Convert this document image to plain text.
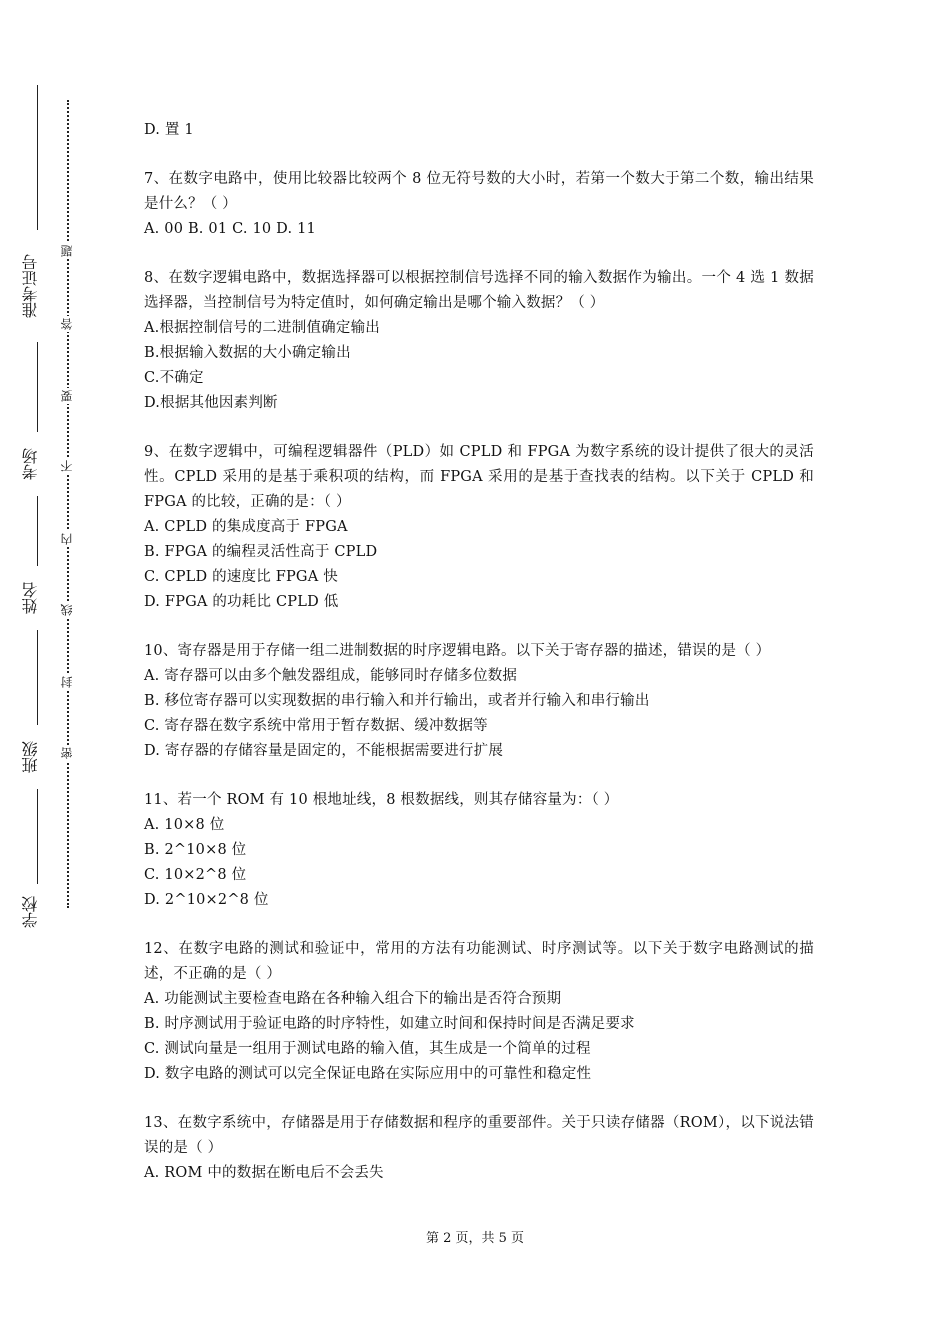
准考证号
考场
姓名
班级
学校
题
答
要
不
内
线
封
密

D. 置 1

7、在数字电路中，使用比较器比较两个 8 位无符号数的大小时，若第一个数大于第二个数，输出结果是什么？（ ）

A. 00 B. 01 C. 10 D. 11

8、在数字逻辑电路中，数据选择器可以根据控制信号选择不同的输入数据作为输出。一个 4 选 1 数据选择器，当控制信号为特定值时，如何确定输出是哪个输入数据？（ ）

A.根据控制信号的二进制值确定输出

B.根据输入数据的大小确定输出

C.不确定

D.根据其他因素判断

9、在数字逻辑中，可编程逻辑器件（PLD）如 CPLD 和 FPGA 为数字系统的设计提供了很大的灵活性。CPLD 采用的是基于乘积项的结构，而 FPGA 采用的是基于查找表的结构。以下关于 CPLD 和 FPGA 的比较，正确的是：（ ）

A. CPLD 的集成度高于 FPGA

B. FPGA 的编程灵活性高于 CPLD

C. CPLD 的速度比 FPGA 快

D. FPGA 的功耗比 CPLD 低

10、寄存器是用于存储一组二进制数据的时序逻辑电路。以下关于寄存器的描述，错误的是（ ）

A. 寄存器可以由多个触发器组成，能够同时存储多位数据

B. 移位寄存器可以实现数据的串行输入和并行输出，或者并行输入和串行输出

C. 寄存器在数字系统中常用于暂存数据、缓冲数据等

D. 寄存器的存储容量是固定的，不能根据需要进行扩展

11、若一个 ROM 有 10 根地址线，8 根数据线，则其存储容量为：（ ）

A. 10×8 位

B. 2^10×8 位

C. 10×2^8 位

D. 2^10×2^8 位

12、在数字电路的测试和验证中，常用的方法有功能测试、时序测试等。以下关于数字电路测试的描述，不正确的是（ ）

A. 功能测试主要检查电路在各种输入组合下的输出是否符合预期

B. 时序测试用于验证电路的时序特性，如建立时间和保持时间是否满足要求

C. 测试向量是一组用于测试电路的输入值，其生成是一个简单的过程

D. 数字电路的测试可以完全保证电路在实际应用中的可靠性和稳定性

13、在数字系统中，存储器是用于存储数据和程序的重要部件。关于只读存储器（ROM），以下说法错误的是（ ）

A. ROM 中的数据在断电后不会丢失

第 2 页，共 5 页
